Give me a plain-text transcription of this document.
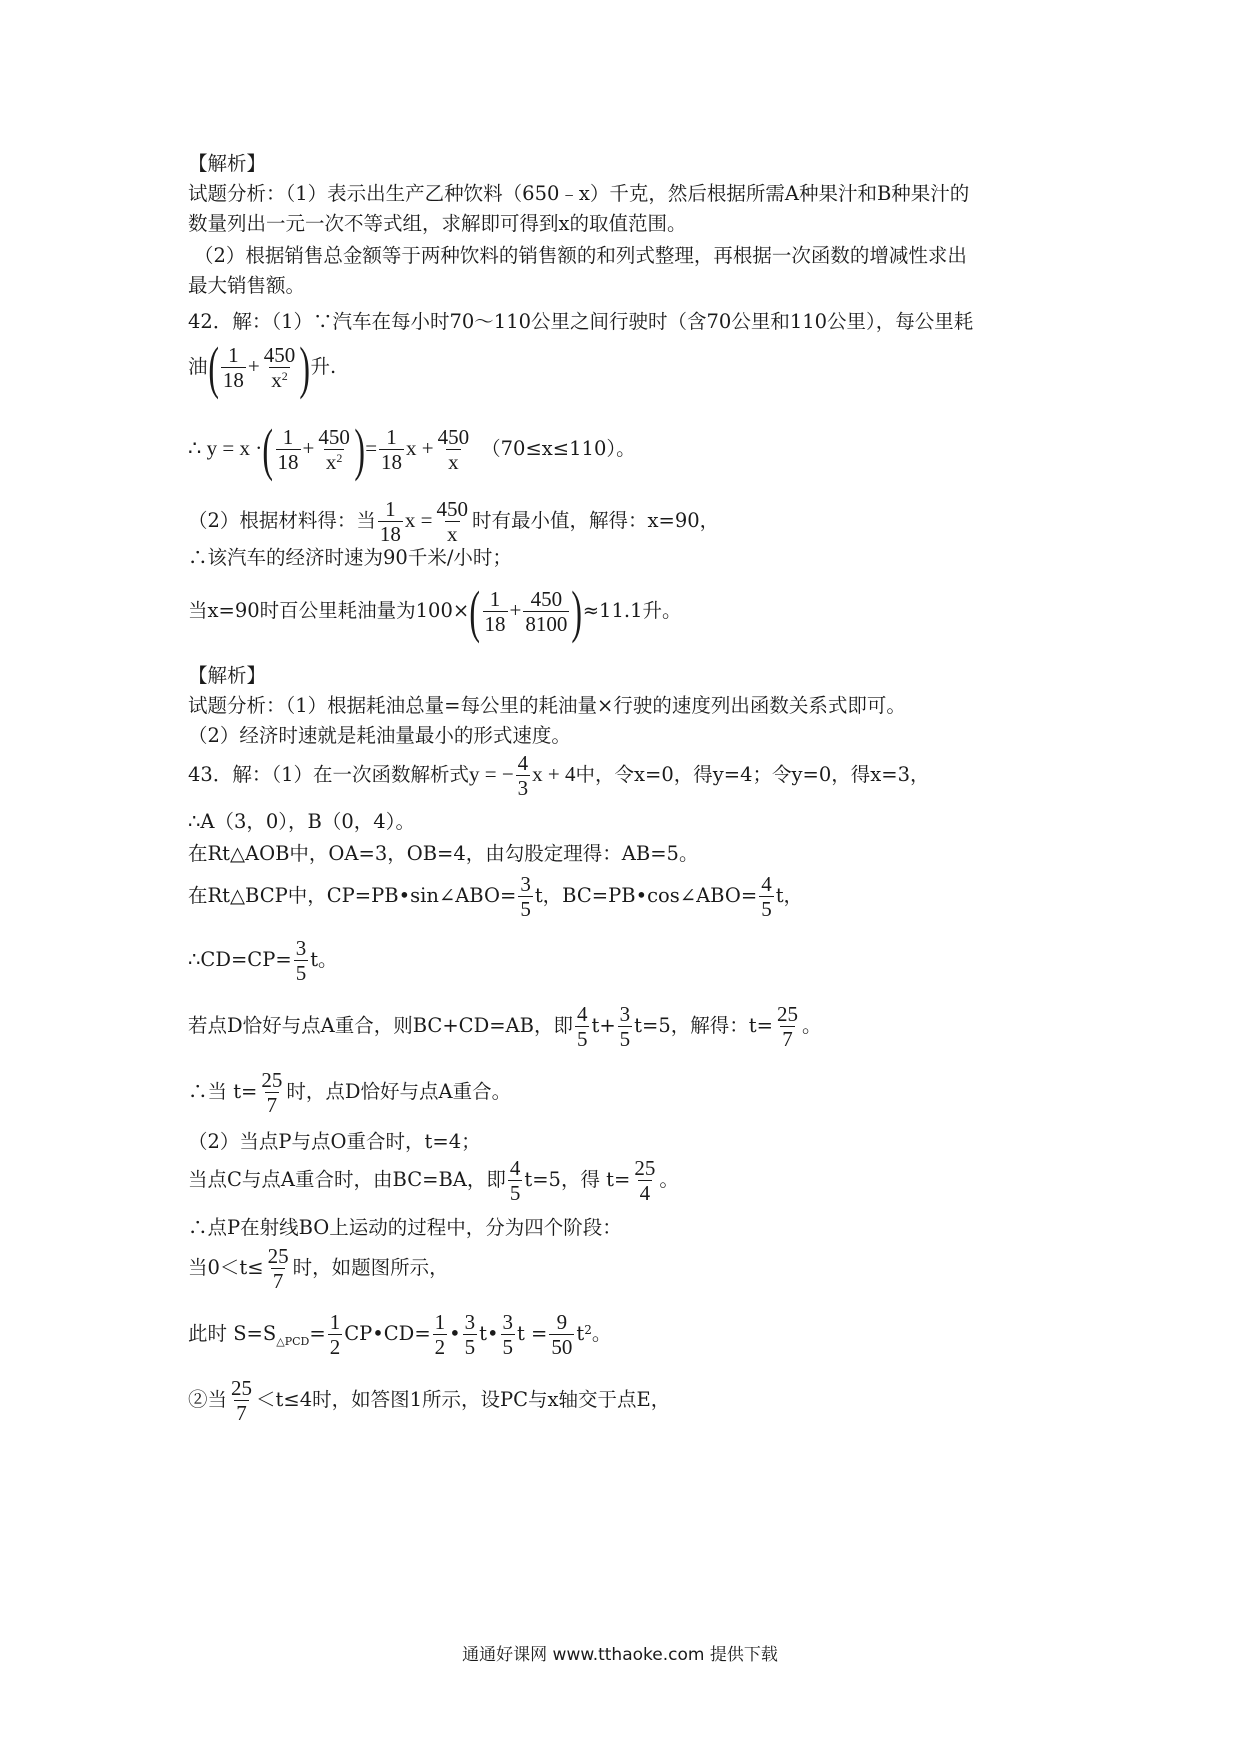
【解析】
试题分析：（1）表示出生产乙种饮料（650﹣x）千克，然后根据所需A种果汁和B种果汁的
数量列出一元一次不等式组，求解即可得到x的取值范围。
（2）根据销售总金额等于两种饮料的销售额的和列式整理，再根据一次函数的增减性求出
最大销售额。
42．解：（1）∵汽车在每小时70～110公里之间行驶时（含70公里和110公里），每公里耗
油( $\frac{1}{18} + \frac{450}{x^2}$ )升.
∴ y = x ·( $\frac{1}{18} + \frac{450}{x^2}$ )= $\frac{1}{18}$ $x + \frac{450}{x} (70\le x\le 110)$。
（2）根据材料得：当 $\frac{1}{18}$ $x = \frac{450}{x}$ 时有最小值，解得：x=90，
∴该汽车的经济时速为90千米/小时；
当x=90时百公里耗油量为$100\times( \frac{1}{18} + \frac{450}{8100} )\approx 11.1$升。
【解析】
试题分析：（1）根据耗油总量=每公里的耗油量×行驶的速度列出函数关系式即可。
（2）经济时速就是耗油量最小的形式速度。
43．解：（1）在一次函数解析式y = − $\frac{4}{3}$ x + 4中，令x=0，得y=4；令y=0，得x=3，
∴A（3，0），B（0，4）。
在Rt△AOB中，OA=3，OB=4，由勾股定理得：AB=5。
在Rt△BCP中，CP=PB•sin∠ABO= $\frac{3}{5}$ t，BC=PB•cos∠ABO= $\frac{4}{5}$ t，
∴CD=CP= $\frac{3}{5}$ t。
若点D恰好与点A重合，则BC+CD=AB，即 $\frac{4}{5} t+ \frac{3}{5} t=5$，解得：$t= \frac{25}{7}$ 。
∴当 $t= \frac{25}{7}$ 时，点D恰好与点A重合。
（2）当点P与点O重合时，t=4；
当点C与点A重合时，由BC=BA，即 $\frac{4}{5} t=5$，得 $t= \frac{25}{4}$ 。
∴点P在射线BO上运动的过程中，分为四个阶段：
当$0<t\le \frac{25}{7}$ 时，如题图所示，
此时 $S=S_{\triangle PCD}= \frac{1}{2}$ CP•CD= $\frac{1}{2}$ • $\frac{3}{5}$ t• $\frac{3}{5}$ $t = \frac{9}{50} t^2$。
②当 $\frac{25}{7} <t\le 4$时，如答图1所示，设PC与x轴交于点E，
通通好课网 www.tthaoke.com 提供下载
